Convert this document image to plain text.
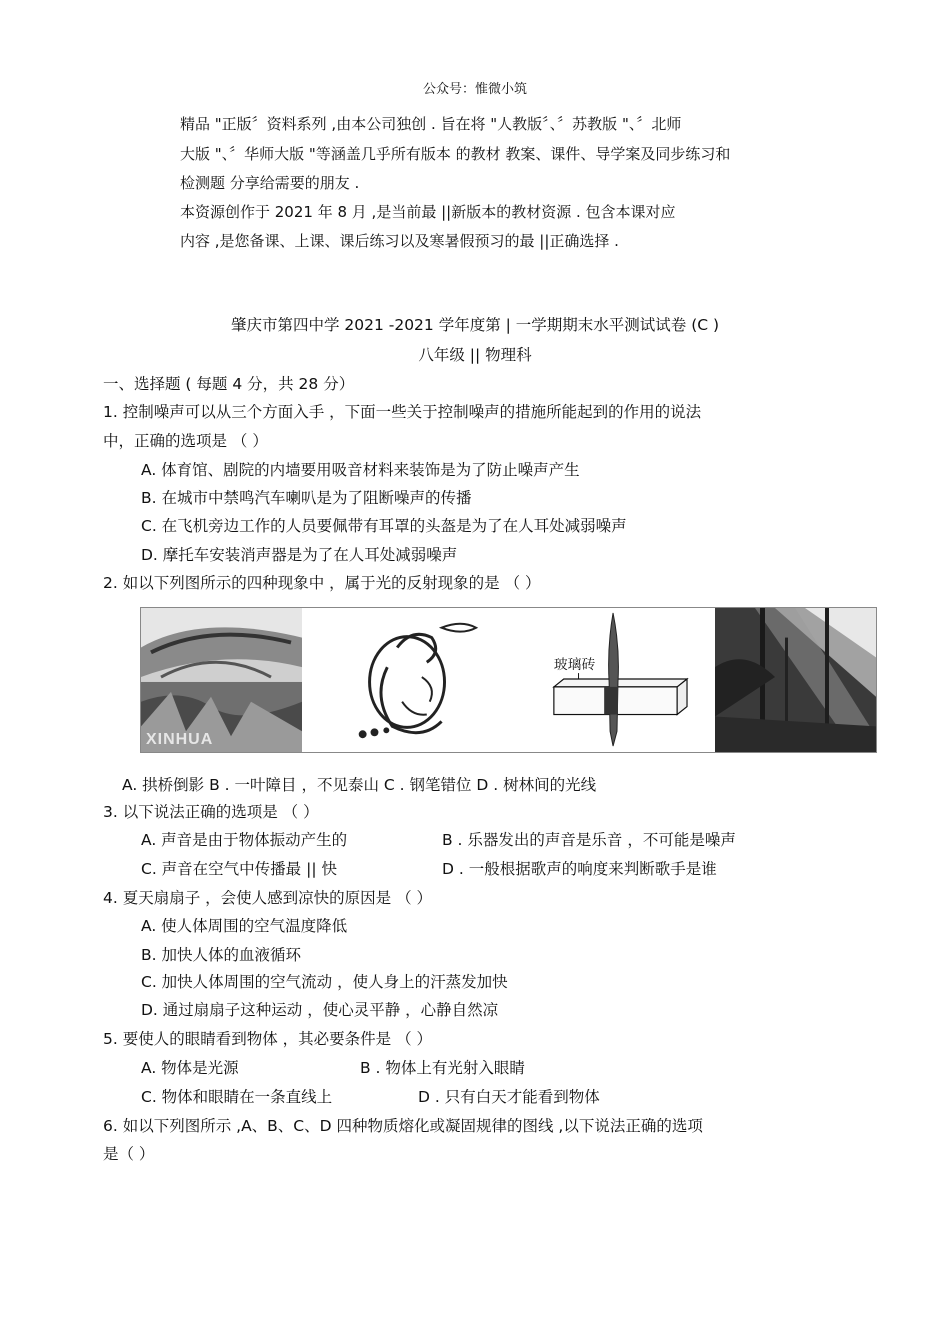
公众号：惟微小筑
精品 "正版〞资料系列 ,由本公司独创 . 旨在将 "人教版〞、〞苏教版 "、〞北师
大版 "、〞华师大版 "等涵盖几乎所有版本 的教材 教案、课件、导学案及同步练习和
检测题 分享给需要的朋友 .
本资源创作于 2021 年 8 月 ,是当前最 ||新版本的教材资源 . 包含本课对应
内容 ,是您备课、上课、课后练习以及寒暑假预习的最 ||正确选择 .
肇庆市第四中学 2021 -2021 学年度第 | 一学期期末水平测试试卷 (C )
八年级 || 物理科
一、选择题 ( 每题 4 分，共 28 分）
1. 控制噪声可以从三个方面入手 ，下面一些关于控制噪声的措施所能起到的作用的说法
中，正确的选项是 （ ）
A. 体育馆、剧院的内墙要用吸音材料来装饰是为了防止噪声产生
B. 在城市中禁鸣汽车喇叭是为了阻断噪声的传播
C. 在飞机旁边工作的人员要佩带有耳罩的头盔是为了在人耳处减弱噪声
D. 摩托车安装消声器是为了在人耳处减弱噪声
2. 如以下列图所示的四种现象中 ，属于光的反射现象的是 （ ）
XINHUA
玻璃砖
A. 拱桥倒影 B . 一叶障目 ，不见泰山 C . 钢笔错位 D . 树林间的光线
3. 以下说法正确的选项是 （ ）
A. 声音是由于物体振动产生的	B . 乐器发出的声音是乐音 ，不可能是噪声
C. 声音在空气中传播最 || 快	D . 一般根据歌声的响度来判断歌手是谁
4. 夏天扇扇子 ，会使人感到凉快的原因是 （ ）
A. 使人体周围的空气温度降低
B. 加快人体的血液循环
C. 加快人体周围的空气流动 ，使人身上的汗蒸发加快
D. 通过扇扇子这种运动 ，使心灵平静 ，心静自然凉
5. 要使人的眼睛看到物体 ，其必要条件是 （ ）
A. 物体是光源	B . 物体上有光射入眼睛
C. 物体和眼睛在一条直线上	D . 只有白天才能看到物体
6. 如以下列图所示 ,A、B、C、D 四种物质熔化或凝固规律的图线 ,以下说法正确的选项
是（ ）
